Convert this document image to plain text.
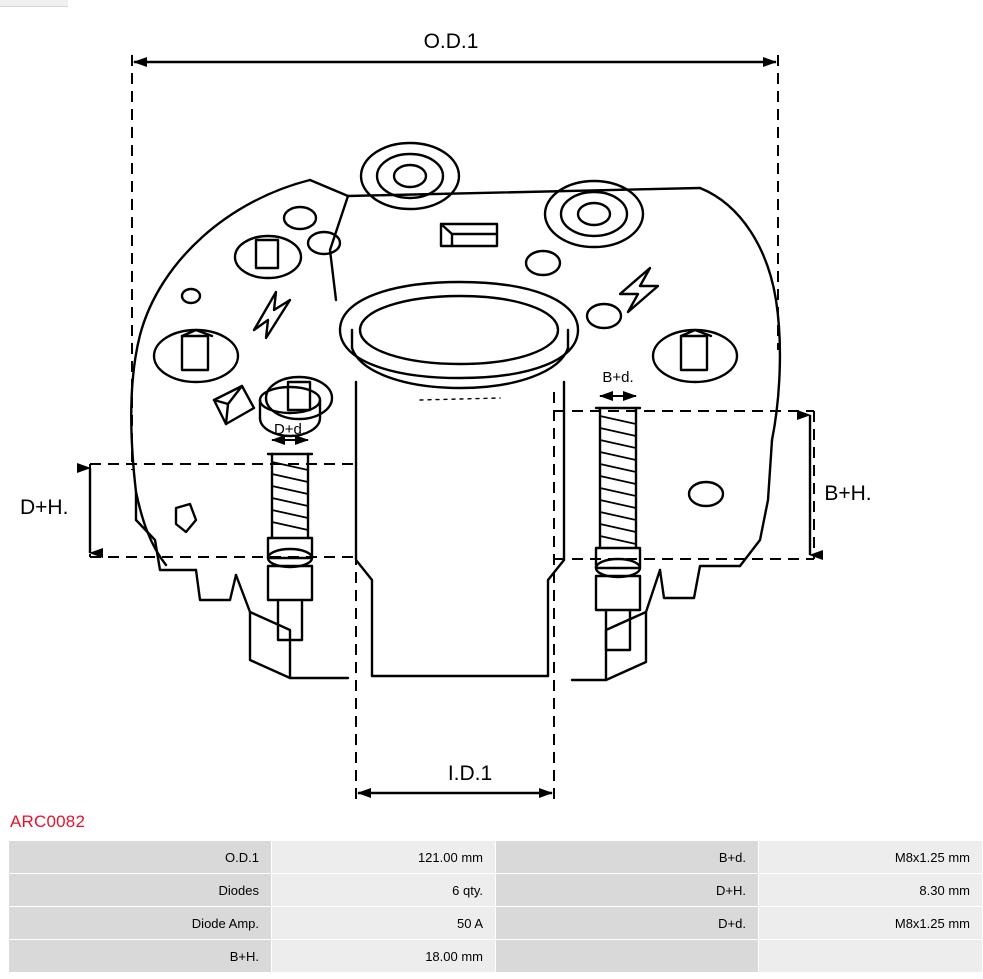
O.D.1
I.D.1
D+H.
B+H.
D+d.
B+d.
ARC0082
O.D.1	121.00 mm	B+d.	M8x1.25 mm
Diodes	6 qty.	D+H.	8.30 mm
Diode Amp.	50 A	D+d.	M8x1.25 mm
B+H.	18.00 mm		
